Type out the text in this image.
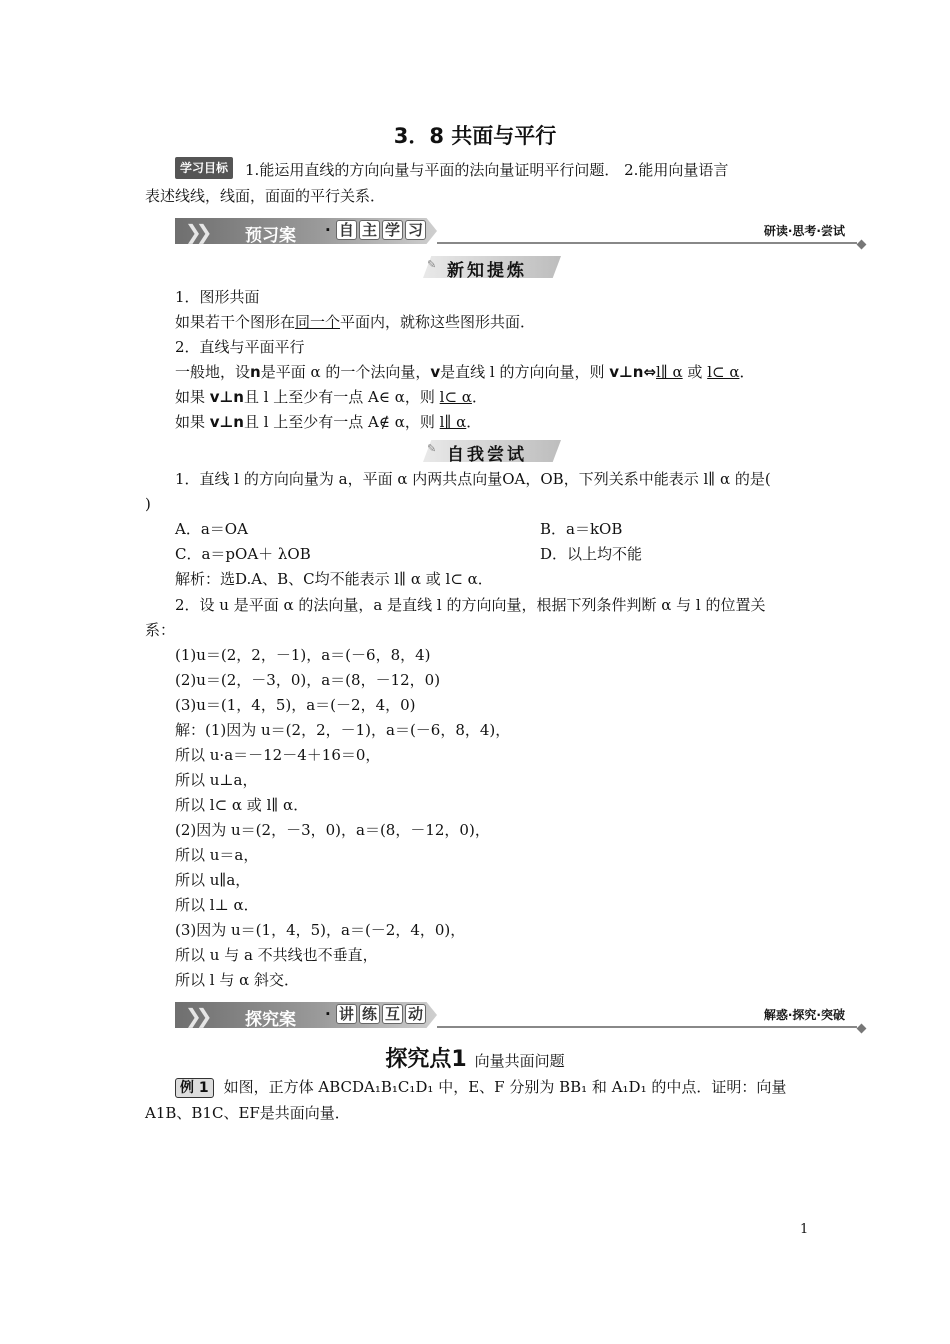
3．8 共面与平行
学习目标 1.能运用直线的方向向量与平面的法向量证明平行问题． 2.能用向量语言
表述线线，线面，面面的平行关系．
❯❯ 预习案 · 自 主 学 习	研读·思考·尝试
✎ 新知提炼
1．图形共面
如果若干个图形在同一个平面内，就称这些图形共面．
2．直线与平面平行
一般地，设n是平面 α 的一个法向量，v是直线 l 的方向向量，则 v⊥n⇔l∥ α 或 l⊂ α．
如果 v⊥n且 l 上至少有一点 A∈ α，则 l⊂ α．
如果 v⊥n且 l 上至少有一点 A∉ α，则 l∥ α．
✎ 自我尝试
1．直线 l 的方向向量为 a，平面 α 内两共点向量OA，OB，下列关系中能表示 l∥ α 的是(
)
A．a＝OA	B．a＝kOB
C．a＝pOA＋ λOB	D．以上均不能
解析：选D.A、B、C均不能表示 l∥ α 或 l⊂ α．
2．设 u 是平面 α 的法向量，a 是直线 l 的方向向量，根据下列条件判断 α 与 l 的位置关
系：
(1)u＝(2，2，－1)，a＝(－6，8，4)
(2)u＝(2，－3，0)，a＝(8，－12，0)
(3)u＝(1，4，5)，a＝(－2，4，0)
解：(1)因为 u＝(2，2，－1)，a＝(－6，8，4)，
所以 u·a＝－12－4＋16＝0，
所以 u⊥a，
所以 l⊂ α 或 l∥ α．
(2)因为 u＝(2，－3，0)，a＝(8，－12，0)，
所以 u＝a，
所以 u∥a，
所以 l⊥ α．
(3)因为 u＝(1，4，5)，a＝(－2，4，0)，
所以 u 与 a 不共线也不垂直，
所以 l 与 α 斜交．
❯❯ 探究案 · 讲 练 互 动	解惑·探究·突破
探究点1 向量共面问题
例 1 如图，正方体 ABCDA₁B₁C₁D₁ 中，E、F 分别为 BB₁ 和 A₁D₁ 的中点．证明：向量
A1B、B1C、EF是共面向量．
1
